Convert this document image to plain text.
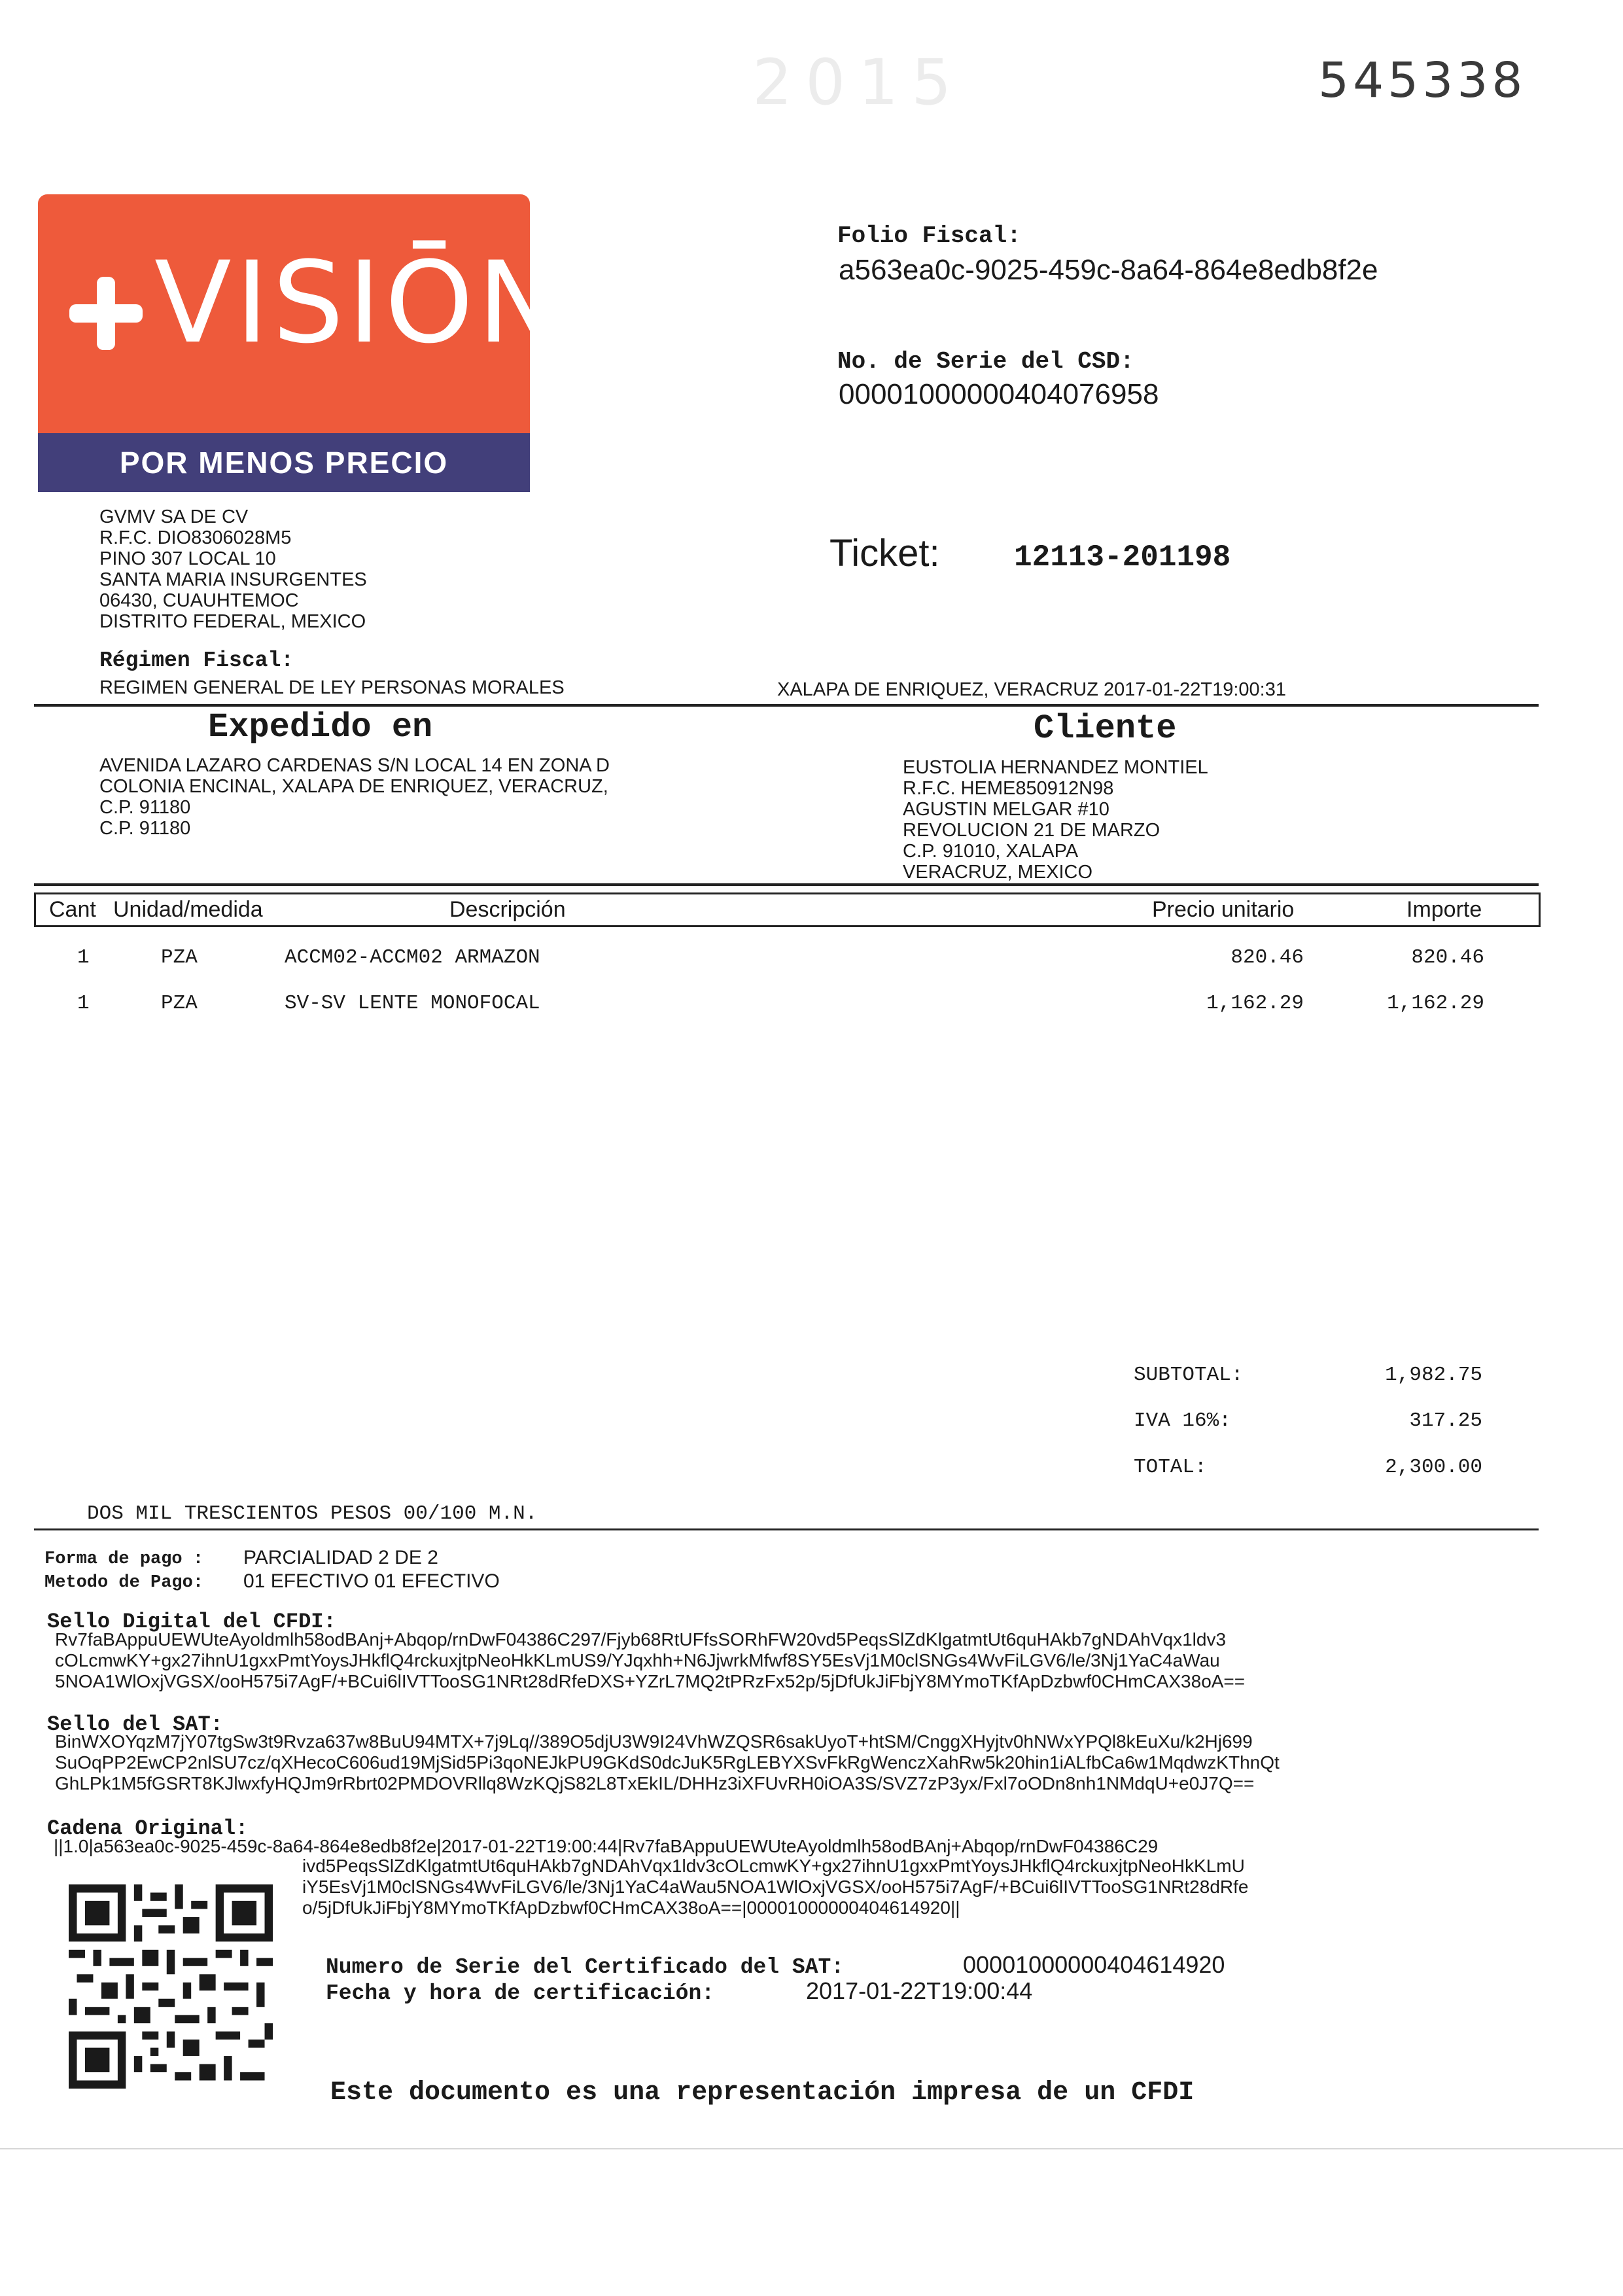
545338
2015
VISIŌN
POR MENOS PRECIO
Folio Fiscal:
a563ea0c-9025-459c-8a64-864e8edb8f2e
No. de Serie del CSD:
00001000000404076958
Ticket: 12113-201198
GVMV SA DE CV
R.F.C. DIO8306028M5
PINO 307 LOCAL 10
SANTA MARIA INSURGENTES
06430, CUAUHTEMOC
DISTRITO FEDERAL, MEXICO
Régimen Fiscal:
REGIMEN GENERAL DE LEY PERSONAS MORALES	XALAPA DE ENRIQUEZ, VERACRUZ 2017-01-22T19:00:31
Expedido en	Cliente
AVENIDA LAZARO CARDENAS S/N LOCAL 14 EN ZONA D
COLONIA ENCINAL, XALAPA DE ENRIQUEZ, VERACRUZ,
C.P. 91180
C.P. 91180
EUSTOLIA HERNANDEZ MONTIEL
R.F.C. HEME850912N98
AGUSTIN MELGAR #10
REVOLUCION 21 DE MARZO
C.P. 91010, XALAPA
VERACRUZ, MEXICO
Cant Unidad/medida	Descripción	Precio unitario	Importe
1	PZA	ACCM02-ACCM02 ARMAZON	820.46	820.46
1	PZA	SV-SV LENTE MONOFOCAL	1,162.29	1,162.29
SUBTOTAL:	1,982.75
IVA 16%:	317.25
TOTAL:	2,300.00
DOS MIL TRESCIENTOS PESOS 00/100 M.N.
Forma de pago : PARCIALIDAD 2 DE 2
Metodo de Pago: 01 EFECTIVO 01 EFECTIVO
Sello Digital del CFDI:
Rv7faBAppuUEWUteAyoldmlh58odBAnj+Abqop/rnDwF04386C297/Fjyb68RtUFfsSORhFW20vd5PeqsSlZdKlgatmtUt6quHAkb7gNDAhVqx1ldv3
cOLcmwKY+gx27ihnU1gxxPmtYoysJHkflQ4rckuxjtpNeoHkKLmUS9/YJqxhh+N6JjwrkMfwf8SY5EsVj1M0clSNGs4WvFiLGV6/le/3Nj1YaC4aWau
5NOA1WlOxjVGSX/ooH575i7AgF/+BCui6lIVTTooSG1NRt28dRfeDXS+YZrL7MQ2tPRzFx52p/5jDfUkJiFbjY8MYmoTKfApDzbwf0CHmCAX38oA==
Sello del SAT:
BinWXOYqzM7jY07tgSw3t9Rvza637w8BuU94MTX+7j9Lq//389O5djU3W9I24VhWZQSR6sakUyoT+htSM/CnggXHyjtv0hNWxYPQl8kEuXu/k2Hj699
SuOqPP2EwCP2nlSU7cz/qXHecoC606ud19MjSid5Pi3qoNEJkPU9GKdS0dcJuK5RgLEBYXSvFkRgWenczXahRw5k20hin1iALfbCa6w1MqdwzKThnQt
GhLPk1M5fGSRT8KJlwxfyHQJm9rRbrt02PMDOVRllq8WzKQjS82L8TxEkIL/DHHz3iXFUvRH0iOA3S/SVZ7zP3yx/Fxl7oODn8nh1NMdqU+e0J7Q==
Cadena Original:
||1.0|a563ea0c-9025-459c-8a64-864e8edb8f2e|2017-01-22T19:00:44|Rv7faBAppuUEWUteAyoldmlh58odBAnj+Abqop/rnDwF04386C29
ivd5PeqsSlZdKlgatmtUt6quHAkb7gNDAhVqx1ldv3cOLcmwKY+gx27ihnU1gxxPmtYoysJHkflQ4rckuxjtpNeoHkKLmU
iY5EsVj1M0clSNGs4WvFiLGV6/le/3Nj1YaC4aWau5NOA1WlOxjVGSX/ooH575i7AgF/+BCui6lIVTTooSG1NRt28dRfe
o/5jDfUkJiFbjY8MYmoTKfApDzbwf0CHmCAX38oA==|00001000000404614920||
Numero de Serie del Certificado del SAT:	00001000000404614920
Fecha y hora de certificación:	2017-01-22T19:00:44
Este documento es una representación impresa de un CFDI
